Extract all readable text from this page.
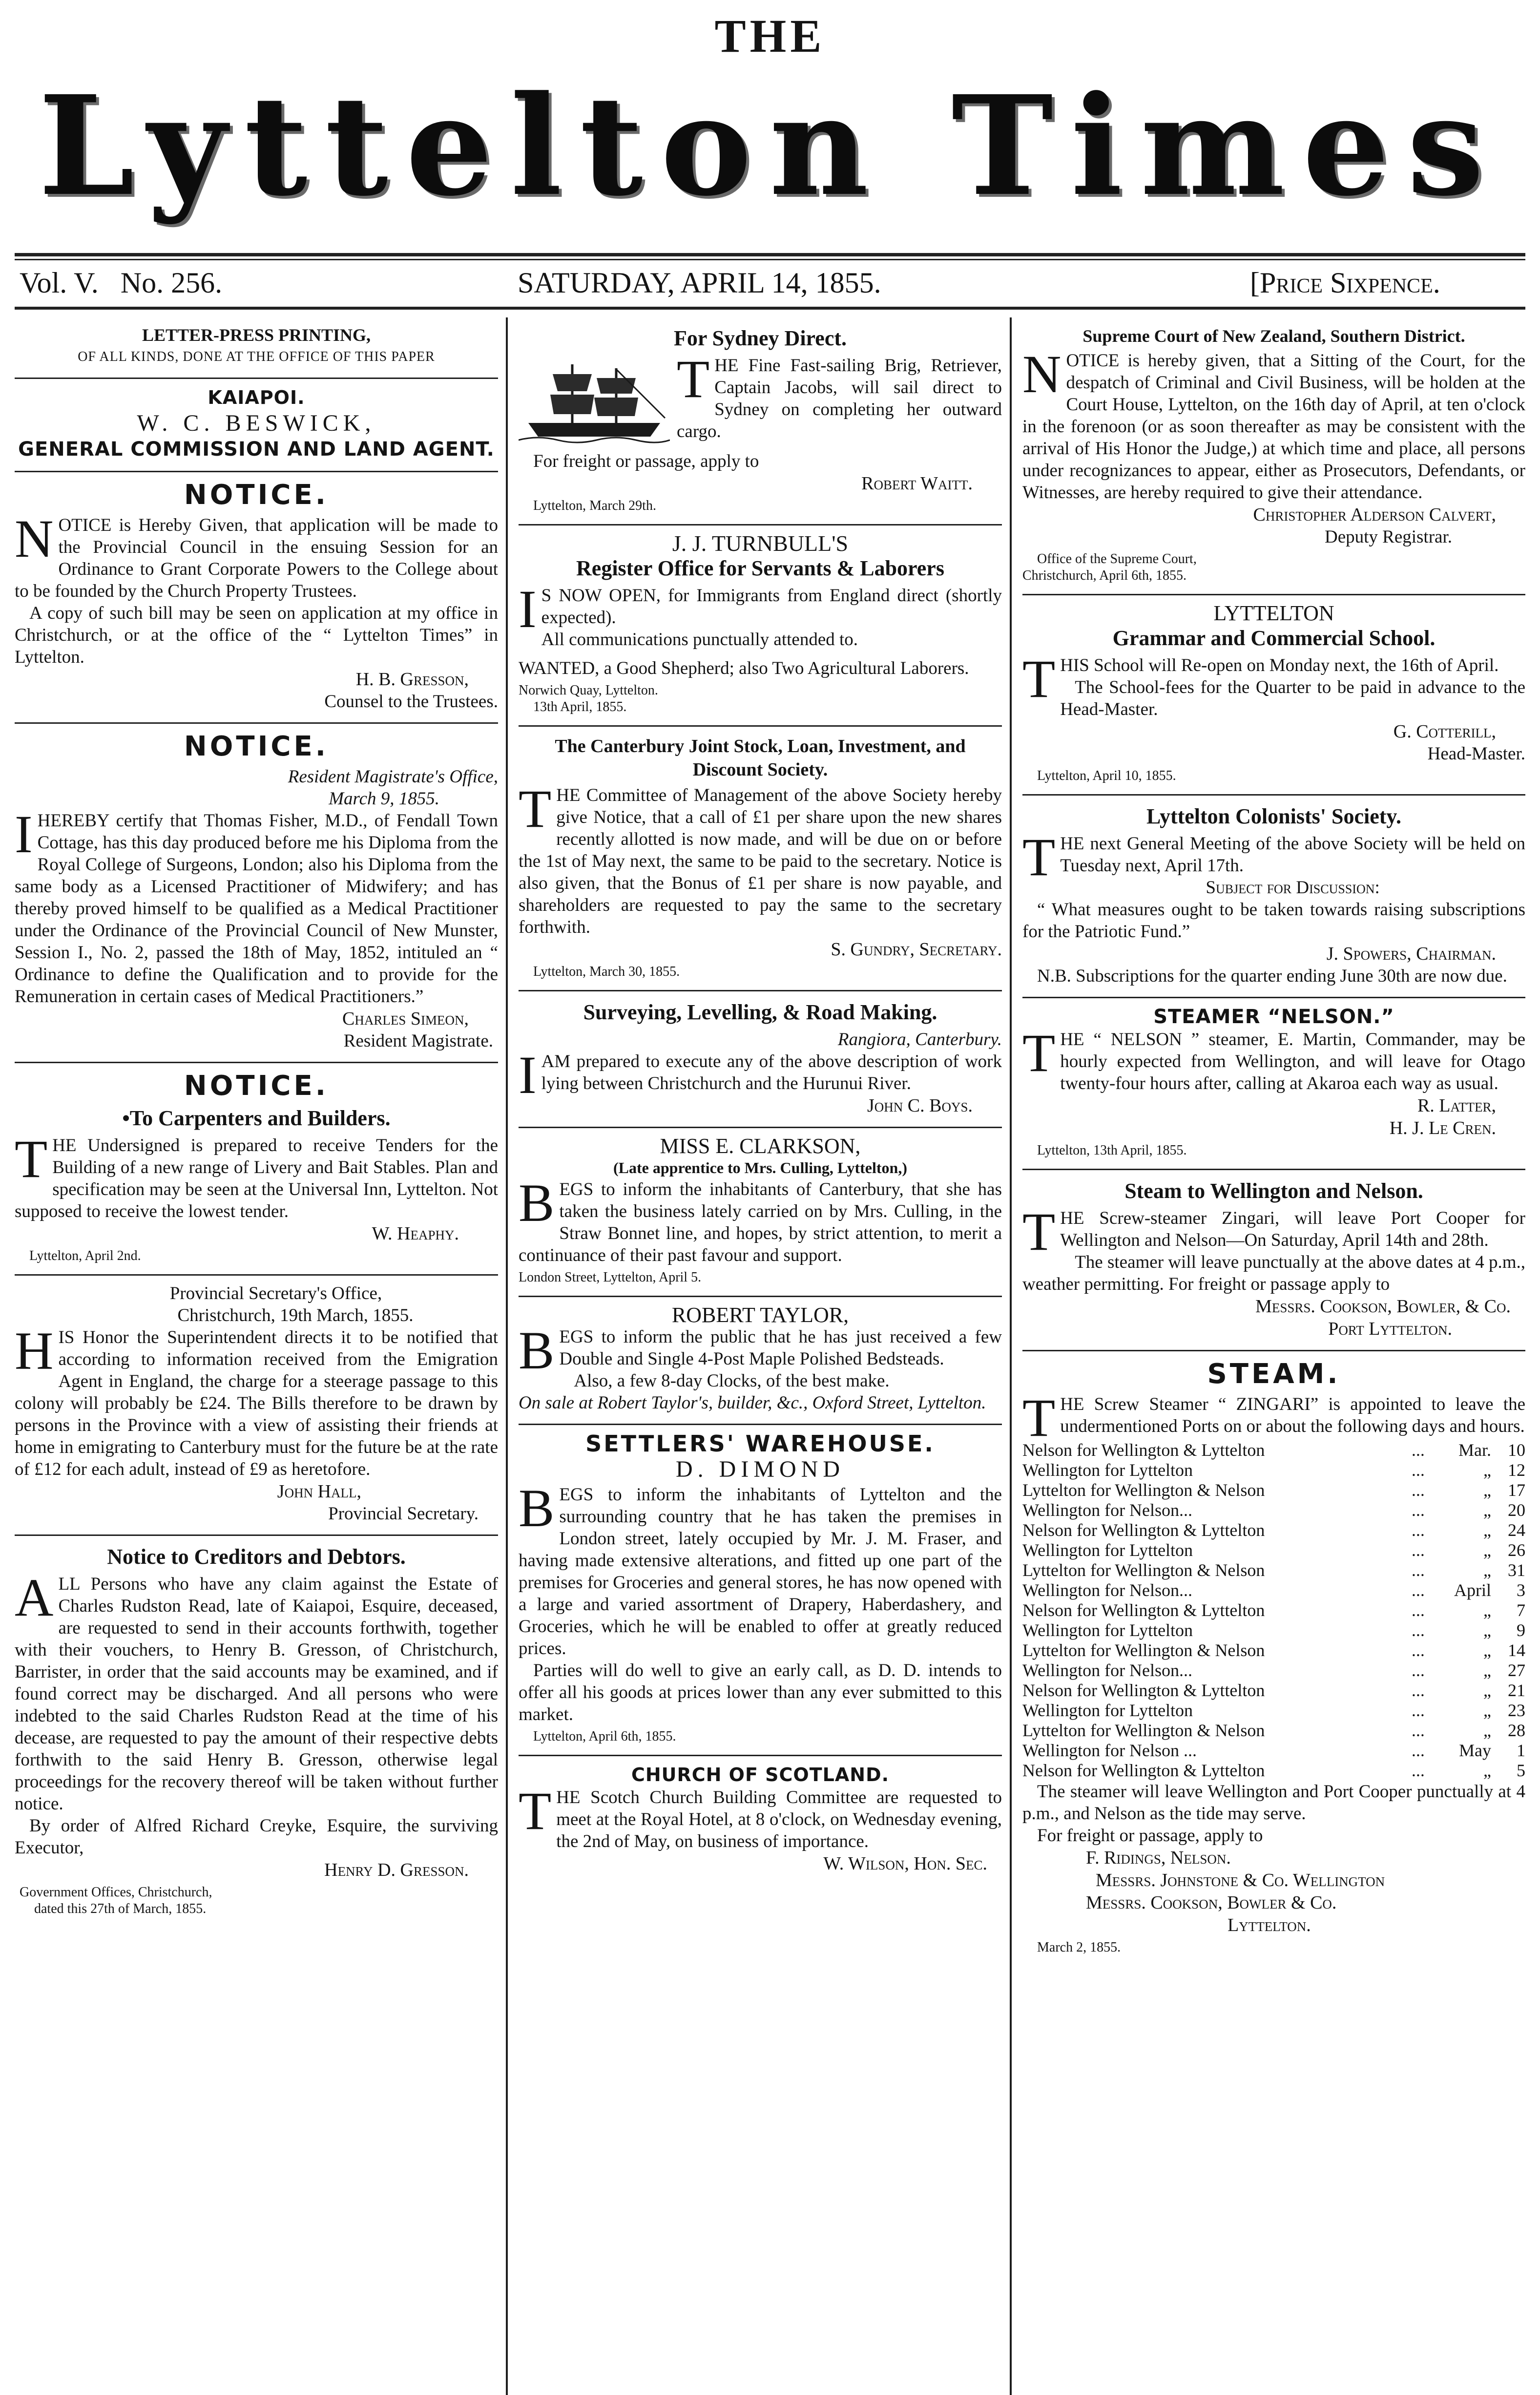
THE
Lyttelton Times
Vol. V. No. 256.	SATURDAY, APRIL 14, 1855.	[Price Sixpence.
LETTER-PRESS PRINTING,
OF ALL KINDS, DONE AT THE OFFICE OF THIS PAPER
KAIAPOI.
W. C. BESWICK,
GENERAL COMMISSION AND LAND AGENT.
NOTICE.

NOTICE is Hereby Given, that application will be made to the Provincial Council in the ensuing Session for an Ordinance to Grant Corporate Powers to the College about to be founded by the Church Property Trustees.

A copy of such bill may be seen on application at my office in Christchurch, or at the office of the “ Lyttelton Times” in Lyttelton.

H. B. Gresson,
Counsel to the Trustees.
NOTICE.
Resident Magistrate's Office,
March 9, 1855.

IHEREBY certify that Thomas Fisher, M.D., of Fendall Town Cottage, has this day produced before me his Diploma from the Royal College of Surgeons, London; also his Diploma from the same body as a Licensed Practitioner of Midwifery; and has thereby proved himself to be qualified as a Medical Practitioner under the Ordinance of the Provincial Council of New Munster, Session I., No. 2, passed the 18th of May, 1852, intituled an “ Ordinance to define the Qualification and to provide for the Remuneration in certain cases of Medical Practitioners.”

Charles Simeon,
Resident Magistrate.
NOTICE.
•To Carpenters and Builders.

THE Undersigned is prepared to receive Tenders for the Building of a new range of Livery and Bait Stables. Plan and specification may be seen at the Universal Inn, Lyttelton. Not supposed to receive the lowest tender.

W. Heaphy.
Lyttelton, April 2nd.
Provincial Secretary's Office,
Christchurch, 19th March, 1855.

HIS Honor the Superintendent directs it to be notified that according to information received from the Emigration Agent in England, the charge for a steerage passage to this colony will probably be £24. The Bills therefore to be drawn by persons in the Province with a view of assisting their friends at home in emigrating to Canterbury must for the future be at the rate of £12 for each adult, instead of £9 as heretofore.

John Hall,
Provincial Secretary.
Notice to Creditors and Debtors.

ALL Persons who have any claim against the Estate of Charles Rudston Read, late of Kaiapoi, Esquire, deceased, are requested to send in their accounts forthwith, together with their vouchers, to Henry B. Gresson, of Christchurch, Barrister, in order that the said accounts may be examined, and if found correct may be discharged. And all persons who were indebted to the said Charles Rudston Read at the time of his decease, are requested to pay the amount of their respective debts forthwith to the said Henry B. Gresson, otherwise legal proceedings for the recovery thereof will be taken without further notice.

By order of Alfred Richard Creyke, Esquire, the surviving Executor,

Henry D. Gresson.
Government Offices, Christchurch,
dated this 27th of March, 1855.
For Sydney Direct.

THE Fine Fast-sailing Brig, Retriever, Captain Jacobs, will sail direct to Sydney on completing her outward cargo.

For freight or passage, apply to

Robert Waitt.
Lyttelton, March 29th.
J. J. TURNBULL'S
Register Office for Servants & Laborers

I S NOW OPEN, for Immigrants from England direct (shortly expected).

All communications punctually attended to.

WANTED, a Good Shepherd; also Two Agricultural Laborers.

Norwich Quay, Lyttelton.
13th April, 1855.
The Canterbury Joint Stock, Loan, Investment, and Discount Society.

THE Committee of Management of the above Society hereby give Notice, that a call of £1 per share upon the new shares recently allotted is now made, and will be due on or before the 1st of May next, the same to be paid to the secretary. Notice is also given, that the Bonus of £1 per share is now payable, and shareholders are requested to pay the same to the secretary forthwith.

S. Gundry, Secretary.
Lyttelton, March 30, 1855.
Surveying, Levelling, & Road Making.
Rangiora, Canterbury.

IAM prepared to execute any of the above description of work lying between Christchurch and the Hurunui River.

John C. Boys.
MISS E. CLARKSON,
(Late apprentice to Mrs. Culling, Lyttelton,)

BEGS to inform the inhabitants of Canterbury, that she has taken the business lately carried on by Mrs. Culling, in the Straw Bonnet line, and hopes, by strict attention, to merit a continuance of their past favour and support.

London Street, Lyttelton, April 5.
ROBERT TAYLOR,

BEGS to inform the public that he has just received a few Double and Single 4-Post Maple Polished Bedsteads.

Also, a few 8-day Clocks, of the best make.

On sale at Robert Taylor's, builder, &c., Oxford Street, Lyttelton.

SETTLERS' WAREHOUSE.
D. DIMOND

BEGS to inform the inhabitants of Lyttelton and the surrounding country that he has taken the premises in London street, lately occupied by Mr. J. M. Fraser, and having made extensive alterations, and fitted up one part of the premises for Groceries and general stores, he has now opened with a large and varied assortment of Drapery, Haberdashery, and Groceries, which he will be enabled to offer at greatly reduced prices.

Parties will do well to give an early call, as D. D. intends to offer all his goods at prices lower than any ever submitted to this market.

Lyttelton, April 6th, 1855.
CHURCH OF SCOTLAND.

THE Scotch Church Building Committee are requested to meet at the Royal Hotel, at 8 o'clock, on Wednesday evening, the 2nd of May, on business of importance.

W. Wilson, Hon. Sec.
Supreme Court of New Zealand, Southern District.

NOTICE is hereby given, that a Sitting of the Court, for the despatch of Criminal and Civil Business, will be holden at the Court House, Lyttelton, on the 16th day of April, at ten o'clock in the forenoon (or as soon thereafter as may be consistent with the arrival of His Honor the Judge,) at which time and place, all persons under recognizances to appear, either as Prosecutors, Defendants, or Witnesses, are hereby required to give their attendance.

Christopher Alderson Calvert,
Deputy Registrar.
Office of the Supreme Court,
Christchurch, April 6th, 1855.
LYTTELTON
Grammar and Commercial School.

THIS School will Re-open on Monday next, the 16th of April.

The School-fees for the Quarter to be paid in advance to the Head-Master.

G. Cotterill,
Head-Master.
Lyttelton, April 10, 1855.
Lyttelton Colonists' Society.

THE next General Meeting of the above Society will be held on Tuesday next, April 17th.

Subject for Discussion:

“ What measures ought to be taken towards raising subscriptions for the Patriotic Fund.”

J. Spowers, Chairman.

N.B. Subscriptions for the quarter ending June 30th are now due.

STEAMER “NELSON.”

THE “ NELSON ” steamer, E. Martin, Commander, may be hourly expected from Wellington, and will leave for Otago twenty-four hours after, calling at Akaroa each way as usual.

R. Latter,
H. J. Le Cren.
Lyttelton, 13th April, 1855.
Steam to Wellington and Nelson.

THE Screw-steamer Zingari, will leave Port Cooper for Wellington and Nelson—On Saturday, April 14th and 28th.

The steamer will leave punctually at the above dates at 4 p.m., weather permitting. For freight or passage apply to

Messrs. Cookson, Bowler, & Co.
Port Lyttelton.
STEAM.

THE Screw Steamer “ ZINGARI” is appointed to leave the undermentioned Ports on or about the following days and hours.

Nelson for Wellington & Lyttelton	...	Mar.	10
Wellington for Lyttelton	...	„	12
Lyttelton for Wellington & Nelson	...	„	17
Wellington for Nelson...	...	„	20
Nelson for Wellington & Lyttelton	...	„	24
Wellington for Lyttelton	...	„	26
Lyttelton for Wellington & Nelson	...	„	31
Wellington for Nelson...	...	April	3
Nelson for Wellington & Lyttelton	...	„	7
Wellington for Lyttelton	...	„	9
Lyttelton for Wellington & Nelson	...	„	14
Wellington for Nelson...	...	„	27
Nelson for Wellington & Lyttelton	...	„	21
Wellington for Lyttelton	...	„	23
Lyttelton for Wellington & Nelson	...	„	28
Wellington for Nelson ...	...	May	1
Nelson for Wellington & Lyttelton	...	„	5

The steamer will leave Wellington and Port Cooper punctually at 4 p.m., and Nelson as the tide may serve.

For freight or passage, apply to

F. Ridings, Nelson.
Messrs. Johnstone & Co. Wellington
Messrs. Cookson, Bowler & Co.
Lyttelton.
March 2, 1855.
